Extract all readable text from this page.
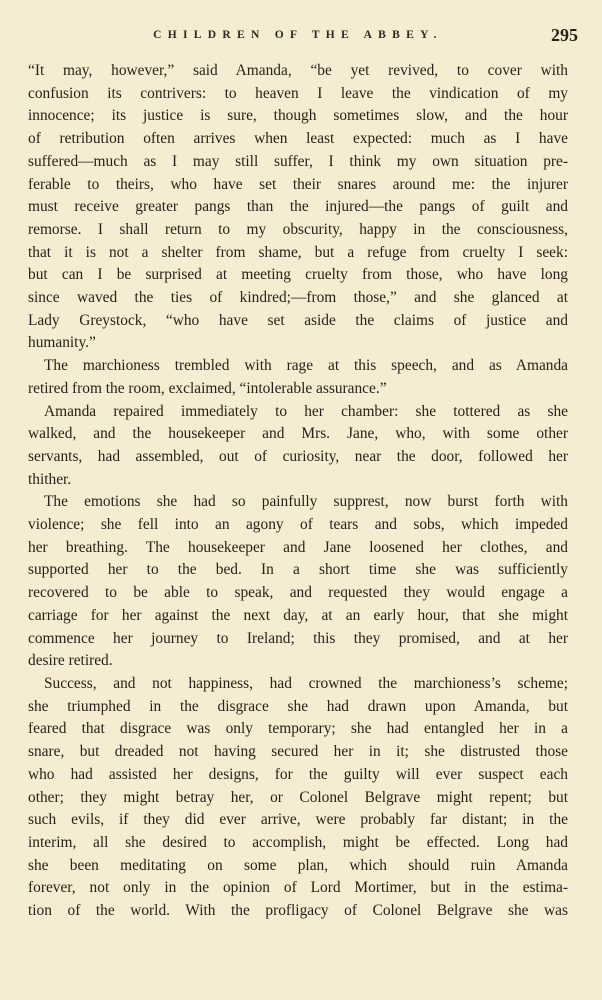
CHILDREN OF THE ABBEY.	295

“It may, however,” said Amanda, “be yet revived, to cover with
confusion its contrivers: to heaven I leave the vindication of my
innocence; its justice is sure, though sometimes slow, and the hour
of retribution often arrives when least expected: much as I have
suffered—much as I may still suffer, I think my own situation pre-
ferable to theirs, who have set their snares around me: the injurer
must receive greater pangs than the injured—the pangs of guilt and
remorse. I shall return to my obscurity, happy in the consciousness,
that it is not a shelter from shame, but a refuge from cruelty I seek:
but can I be surprised at meeting cruelty from those, who have long
since waved the ties of kindred;—from those,” and she glanced at
Lady Greystock, “who have set aside the claims of justice and
humanity.”

The marchioness trembled with rage at this speech, and as Amanda
retired from the room, exclaimed, “intolerable assurance.”

Amanda repaired immediately to her chamber: she tottered as she
walked, and the housekeeper and Mrs. Jane, who, with some other
servants, had assembled, out of curiosity, near the door, followed her
thither.

The emotions she had so painfully supprest, now burst forth with
violence; she fell into an agony of tears and sobs, which impeded
her breathing. The housekeeper and Jane loosened her clothes, and
supported her to the bed. In a short time she was sufficiently
recovered to be able to speak, and requested they would engage a
carriage for her against the next day, at an early hour, that she might
commence her journey to Ireland; this they promised, and at her
desire retired.

Success, and not happiness, had crowned the marchioness’s scheme;
she triumphed in the disgrace she had drawn upon Amanda, but
feared that disgrace was only temporary; she had entangled her in a
snare, but dreaded not having secured her in it; she distrusted those
who had assisted her designs, for the guilty will ever suspect each
other; they might betray her, or Colonel Belgrave might repent; but
such evils, if they did ever arrive, were probably far distant; in the
interim, all she desired to accomplish, might be effected. Long had
she been meditating on some plan, which should ruin Amanda
forever, not only in the opinion of Lord Mortimer, but in the estima-
tion of the world. With the profligacy of Colonel Belgrave she was
